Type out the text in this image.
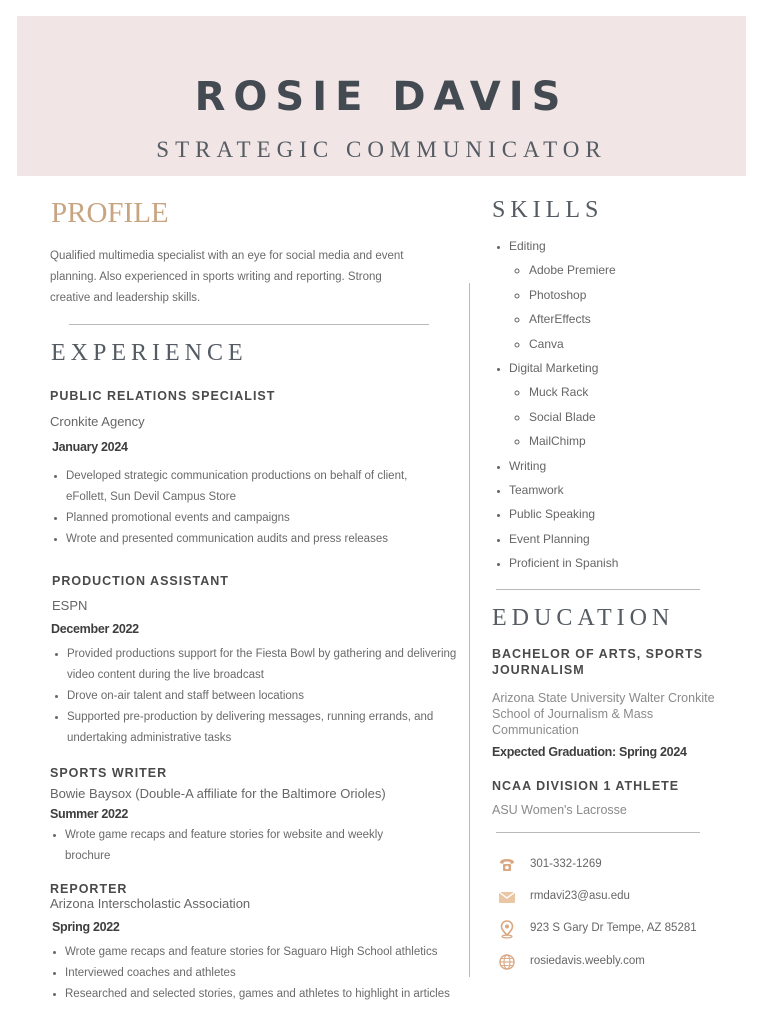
ROSIE DAVIS
STRATEGIC COMMUNICATOR
PROFILE
Qualified multimedia specialist with an eye for social media and event planning. Also experienced in sports writing and reporting. Strong creative and leadership skills.
EXPERIENCE
PUBLIC RELATIONS SPECIALIST
Cronkite Agency
January 2024
• Developed strategic communication productions on behalf of client, eFollett, Sun Devil Campus Store
• Planned promotional events and campaigns
• Wrote and presented communication audits and press releases
PRODUCTION ASSISTANT
ESPN
December 2022
• Provided productions support for the Fiesta Bowl by gathering and delivering video content during the live broadcast
• Drove on-air talent and staff between locations
• Supported pre-production by delivering messages, running errands, and undertaking administrative tasks
SPORTS WRITER
Bowie Baysox (Double-A affiliate for the Baltimore Orioles)
Summer 2022
• Wrote game recaps and feature stories for website and weekly brochure
REPORTER
Arizona Interscholastic Association
Spring 2022
• Wrote game recaps and feature stories for Saguaro High School athletics
• Interviewed coaches and athletes
• Researched and selected stories, games and athletes to highlight in articles
SKILLS
• Editing
◦ Adobe Premiere
◦ Photoshop
◦ AfterEffects
◦ Canva
• Digital Marketing
◦ Muck Rack
◦ Social Blade
◦ MailChimp
• Writing
• Teamwork
• Public Speaking
• Event Planning
• Proficient in Spanish
EDUCATION
BACHELOR OF ARTS, SPORTS JOURNALISM
Arizona State University Walter Cronkite School of Journalism & Mass Communication
Expected Graduation: Spring 2024
NCAA DIVISION 1 ATHLETE
ASU Women's Lacrosse
301-332-1269
rmdavi23@asu.edu
923 S Gary Dr Tempe, AZ 85281
rosiedavis.weebly.com
